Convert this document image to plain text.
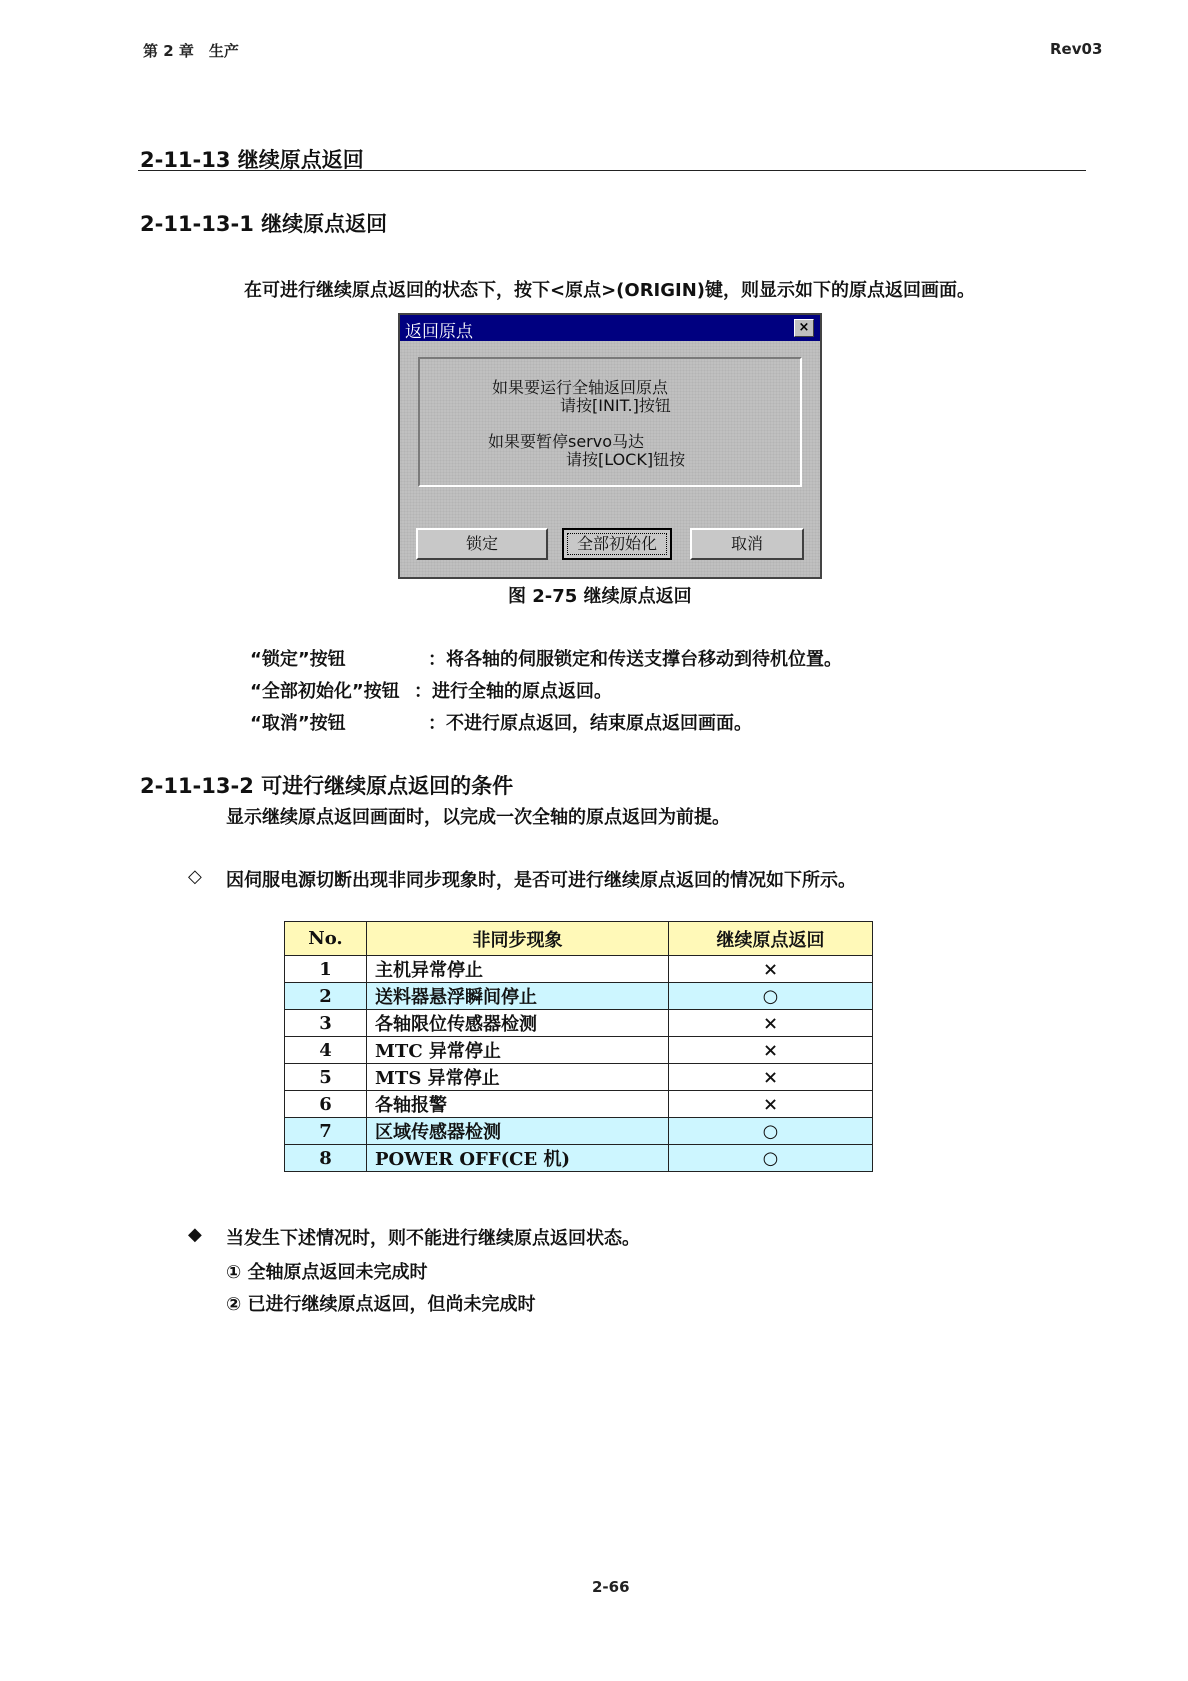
第 2 章　生产	Rev03
2-11-13 继续原点返回
2-11-13-1 继续原点返回
在可进行继续原点返回的状态下，按下<原点>(ORIGIN)键，则显示如下的原点返回画面。
返回原点	×
如果要运行全轴返回原点
请按[INIT.]按钮
如果要暂停servo马达
请按[LOCK]钮按
锁定	全部初始化	取消
图 2-75 继续原点返回
“锁定”按钮	：将各轴的伺服锁定和传送支撑台移动到待机位置。
“全部初始化”按钮 ：进行全轴的原点返回。
“取消”按钮	：不进行原点返回，结束原点返回画面。
2-11-13-2 可进行继续原点返回的条件
显示继续原点返回画面时，以完成一次全轴的原点返回为前提。
◇ 因伺服电源切断出现非同步现象时，是否可进行继续原点返回的情况如下所示。
No.	非同步现象	继续原点返回
1	主机异常停止	×
2	送料器悬浮瞬间停止	○
3	各轴限位传感器检测	×
4	MTC 异常停止	×
5	MTS 异常停止	×
6	各轴报警	×
7	区域传感器检测	○
8	POWER OFF(CE 机)	○
◆ 当发生下述情况时，则不能进行继续原点返回状态。
① 全轴原点返回未完成时
② 已进行继续原点返回，但尚未完成时
2-66
